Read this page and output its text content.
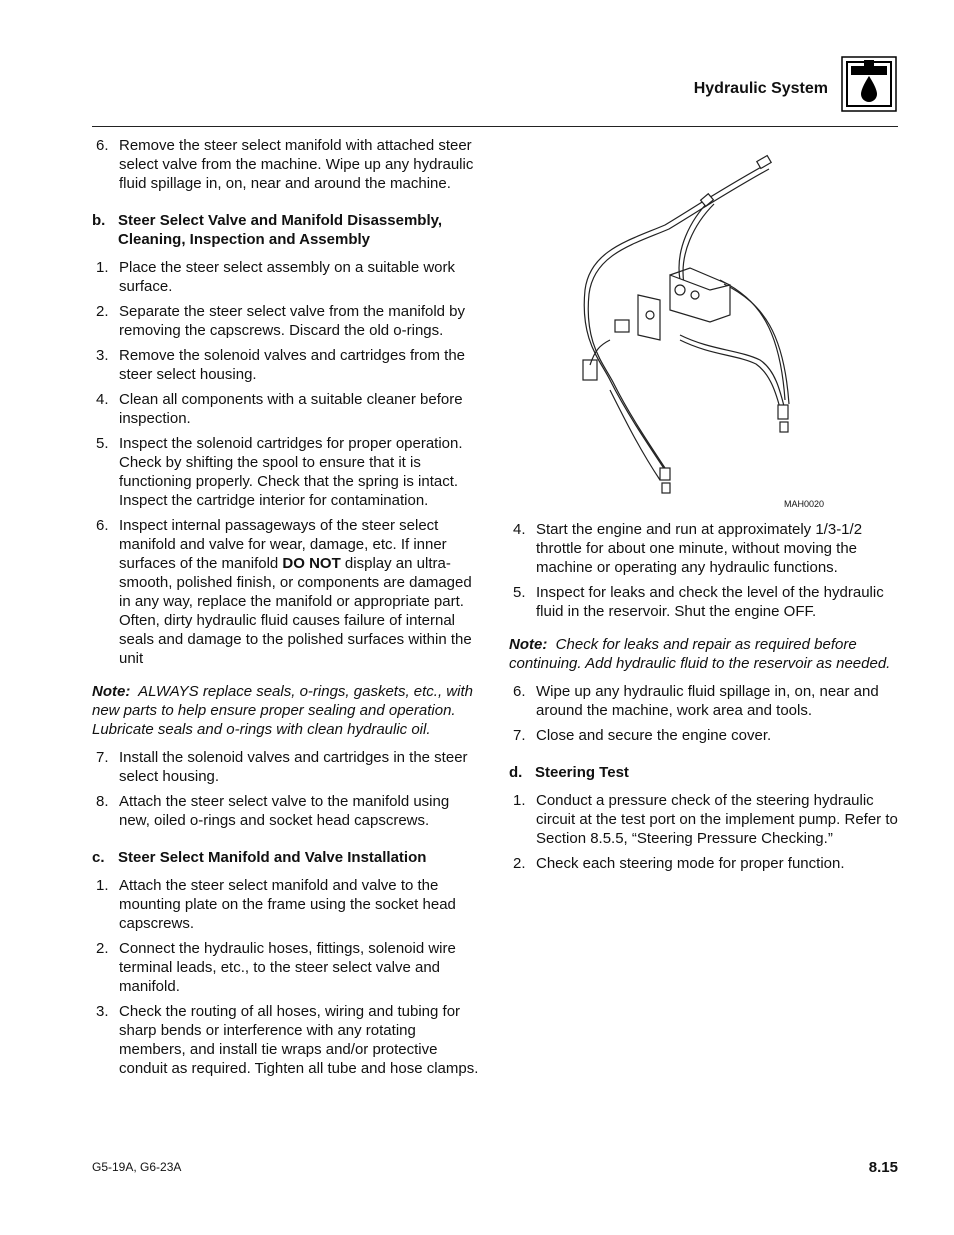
Hydraulic System
6. Remove the steer select manifold with attached steer select valve from the machine. Wipe up any hydraulic fluid spillage in, on, near and around the machine.
b. Steer Select Valve and Manifold Disassembly, Cleaning, Inspection and Assembly
1. Place the steer select assembly on a suitable work surface.
2. Separate the steer select valve from the manifold by removing the capscrews. Discard the old o-rings.
3. Remove the solenoid valves and cartridges from the steer select housing.
4. Clean all components with a suitable cleaner before inspection.
5. Inspect the solenoid cartridges for proper operation. Check by shifting the spool to ensure that it is functioning properly. Check that the spring is intact. Inspect the cartridge interior for contamination.
6. Inspect internal passageways of the steer select manifold and valve for wear, damage, etc. If inner surfaces of the manifold DO NOT display an ultra-smooth, polished finish, or components are damaged in any way, replace the manifold or appropriate part. Often, dirty hydraulic fluid causes failure of internal seals and damage to the polished surfaces within the unit
Note: ALWAYS replace seals, o-rings, gaskets, etc., with new parts to help ensure proper sealing and operation. Lubricate seals and o-rings with clean hydraulic oil.
7. Install the solenoid valves and cartridges in the steer select housing.
8. Attach the steer select valve to the manifold using new, oiled o-rings and socket head capscrews.
c. Steer Select Manifold and Valve Installation
1. Attach the steer select manifold and valve to the mounting plate on the frame using the socket head capscrews.
2. Connect the hydraulic hoses, fittings, solenoid wire terminal leads, etc., to the steer select valve and manifold.
3. Check the routing of all hoses, wiring and tubing for sharp bends or interference with any rotating members, and install tie wraps and/or protective conduit as required. Tighten all tube and hose clamps.
MAH0020
4. Start the engine and run at approximately 1/3-1/2 throttle for about one minute, without moving the machine or operating any hydraulic functions.
5. Inspect for leaks and check the level of the hydraulic fluid in the reservoir. Shut the engine OFF.
Note: Check for leaks and repair as required before continuing. Add hydraulic fluid to the reservoir as needed.
6. Wipe up any hydraulic fluid spillage in, on, near and around the machine, work area and tools.
7. Close and secure the engine cover.
d. Steering Test
1. Conduct a pressure check of the steering hydraulic circuit at the test port on the implement pump. Refer to Section 8.5.5, “Steering Pressure Checking.”
2. Check each steering mode for proper function.
G5-19A, G6-23A	8.15
